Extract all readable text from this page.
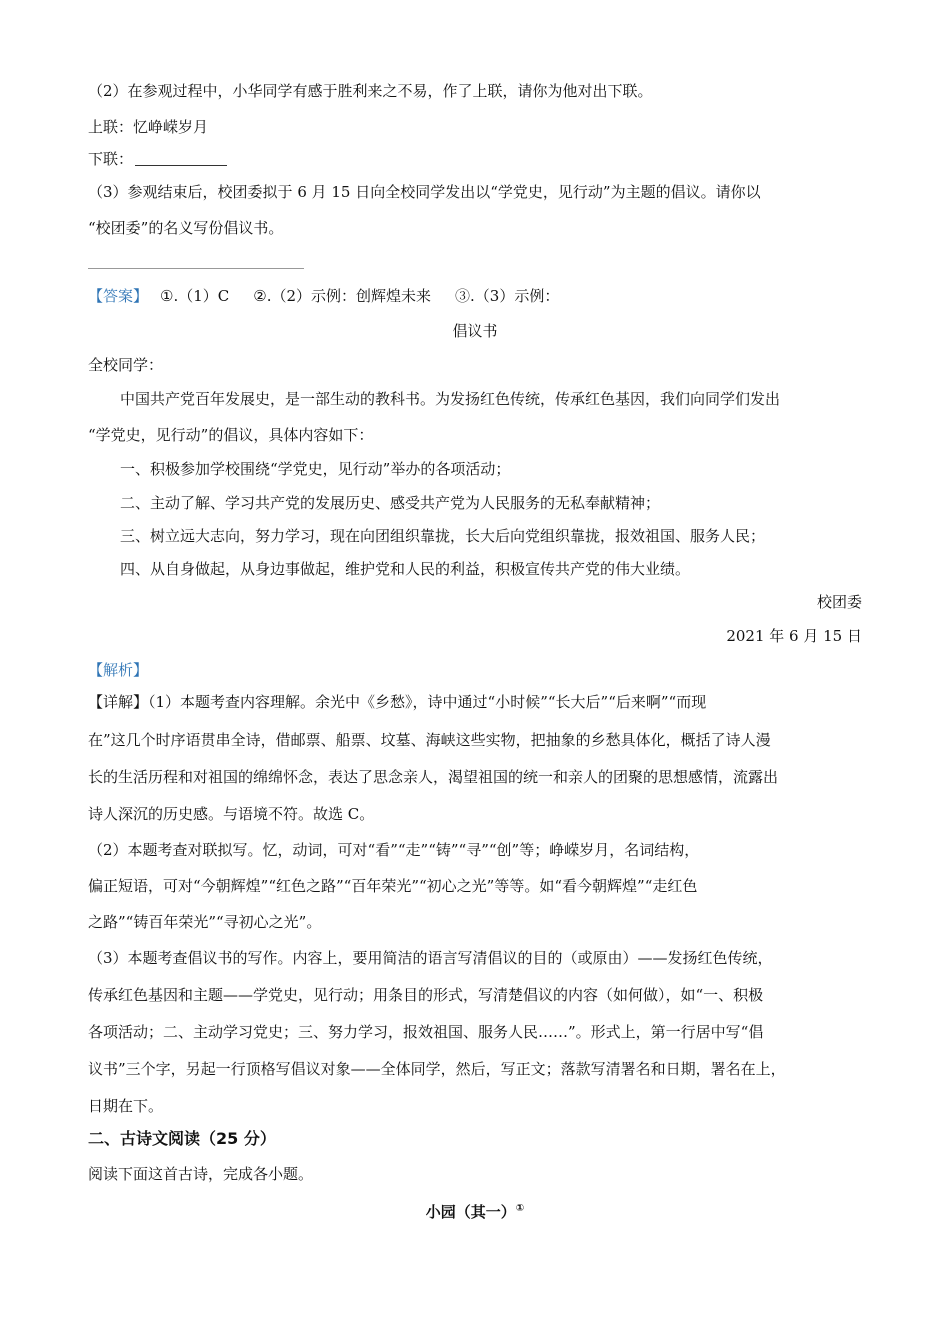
（2）在参观过程中，小华同学有感于胜利来之不易，作了上联，请你为他对出下联。
上联：忆峥嵘岁月
下联：
（3）参观结束后，校团委拟于 6 月 15 日向全校同学发出以“学党史，见行动”为主题的倡议。请你以
“校团委”的名义写份倡议书。
【答案】 ①.（1）C ②.（2）示例：创辉煌未来 ③.（3）示例：
倡议书
全校同学：
中国共产党百年发展史，是一部生动的教科书。为发扬红色传统，传承红色基因，我们向同学们发出
“学党史，见行动”的倡议，具体内容如下：
一、积极参加学校围绕“学党史，见行动”举办的各项活动；
二、主动了解、学习共产党的发展历史、感受共产党为人民服务的无私奉献精神；
三、树立远大志向，努力学习，现在向团组织靠拢，长大后向党组织靠拢，报效祖国、服务人民；
四、从自身做起，从身边事做起，维护党和人民的利益，积极宣传共产党的伟大业绩。
校团委
2021 年 6 月 15 日
【解析】
【详解】（1）本题考查内容理解。余光中《乡愁》，诗中通过“小时候”“长大后”“后来啊”“而现
在”这几个时序语贯串全诗，借邮票、船票、坟墓、海峡这些实物，把抽象的乡愁具体化，概括了诗人漫
长的生活历程和对祖国的绵绵怀念，表达了思念亲人，渴望祖国的统一和亲人的团聚的思想感情，流露出
诗人深沉的历史感。与语境不符。故选 C。
（2）本题考查对联拟写。忆，动词，可对“看”“走”“铸”“寻”“创”等；峥嵘岁月，名词结构，
偏正短语，可对“今朝辉煌”“红色之路”“百年荣光”“初心之光”等等。如“看今朝辉煌”“走红色
之路”“铸百年荣光”“寻初心之光”。
（3）本题考查倡议书的写作。内容上，要用简洁的语言写清倡议的目的（或原由）——发扬红色传统，
传承红色基因和主题——学党史，见行动；用条目的形式，写清楚倡议的内容（如何做），如“一、积极
各项活动；二、主动学习党史；三、努力学习，报效祖国、服务人民……”。形式上，第一行居中写“倡
议书”三个字，另起一行顶格写倡议对象——全体同学，然后，写正文；落款写清署名和日期，署名在上，
日期在下。
二、古诗文阅读（25 分）
阅读下面这首古诗，完成各小题。
小园（其一）①
